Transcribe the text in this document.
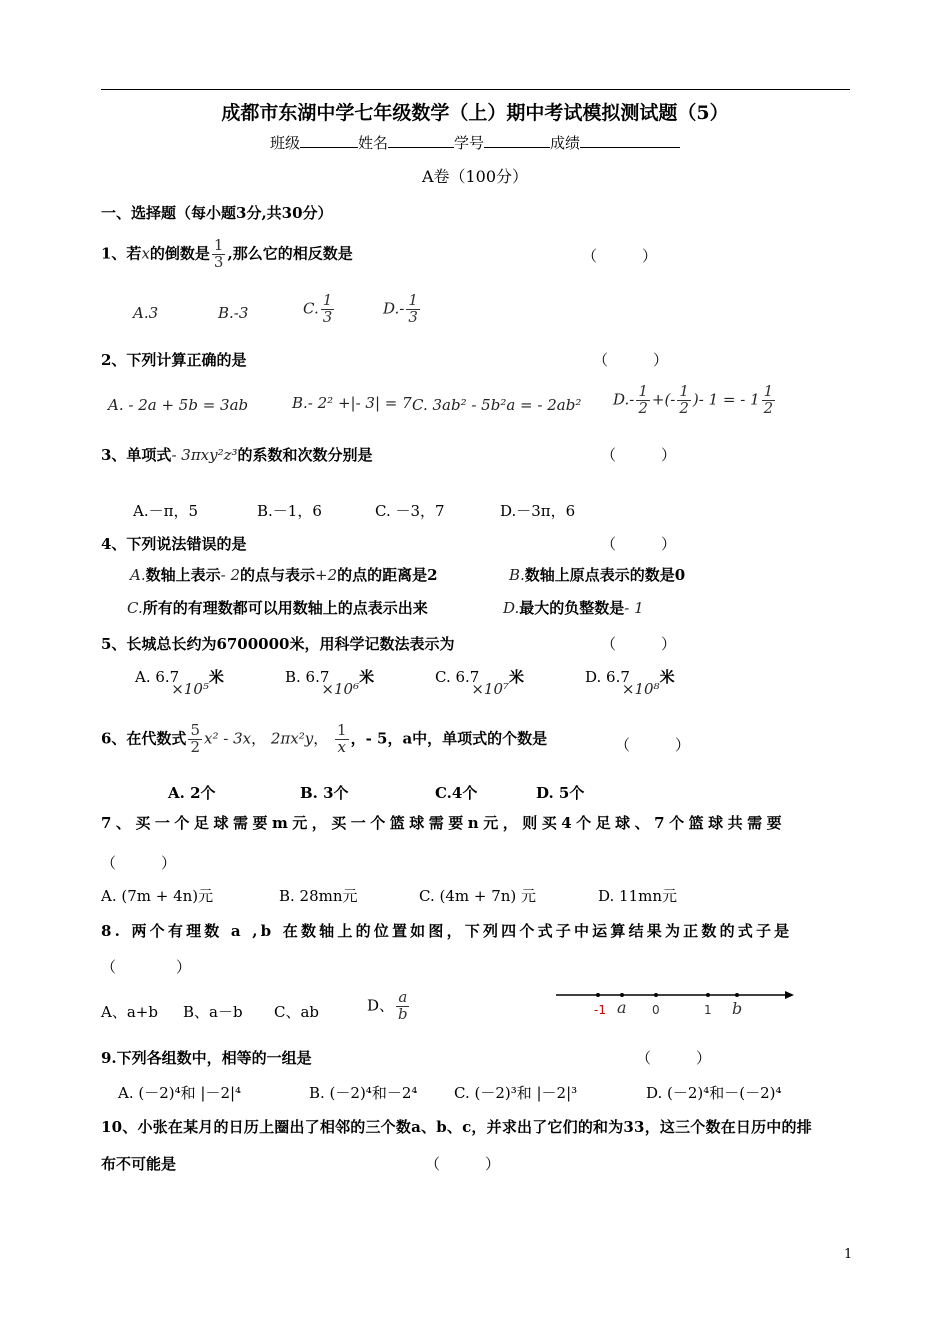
成都市东湖中学七年级数学（上）期中考试模拟测试题（5）
班级	姓名	学号	成绩
A卷（100分）
一、选择题（每小题3分,共30分）
1、若x的倒数是 $\frac{1}{3}$ ,那么它的相反数是	（　　　）
A.3	B.-3	C. $\frac{1}{3}$	$D.- \frac{1}{3}$
2、下列计算正确的是	（　　　）
A. - 2a + 5b = 3ab	B.- 2² +|- 3| = 7 C. 3ab² - 5b²a = - 2ab² $D.- \frac{1}{2}$ +(- $\frac{1}{2}$ )- 1 = - $1 \frac{1}{2}$
3、单项式- 3πxy²z³的系数和次数分别是	（　　　）
A.－π，5	B.－1，6	C. －3，7	D.－3π，6
4、下列说法错误的是	（　　　）
A.数轴上表示- 2的点与表示+2的点的距离是2	B.数轴上原点表示的数是0
C.所有的有理数都可以用数轴上的点表示出来	D.最大的负整数是- 1
5、长城总长约为6700000米，用科学记数法表示为	（　　　）
A. 6.7×10⁵米	B. 6.7×10⁶米	C. 6.7×10⁷米	D. 6.7×10⁸米
6、在代数式 $\frac{5}{2} x^2 - 3x$， 2πx²y， $\frac{1}{x}$ ，- 5，a中，单项式的个数是	（　　　）
A. 2个	B. 3个	C.4个	D. 5个
7、买一个足球需要m元，买一个篮球需要n元，则买4个足球、7个篮球共需要
（　　　）
A. (7m + 4n)元	B. 28mn元	C. (4m + 7n) 元	D. 11mn元
8. 两个有理数 a ,b 在数轴上的位置如图，下列四个式子中运算结果为正数的式子是
（　　　　）
A、a+b B、a－b C、ab	D、 $\frac{a}{b}$	-1 a 0	1 b
9.下列各组数中，相等的一组是	（　　　）
A. (－2)⁴和 |－2|⁴	B. (－2)⁴和－2⁴ C. (－2)³和 |－2|³	D. (－2)⁴和－(－2)⁴
10、小张在某月的日历上圈出了相邻的三个数a、b、c，并求出了它们的和为33，这三个数在日历中的排
布不可能是	（　　　）
1
